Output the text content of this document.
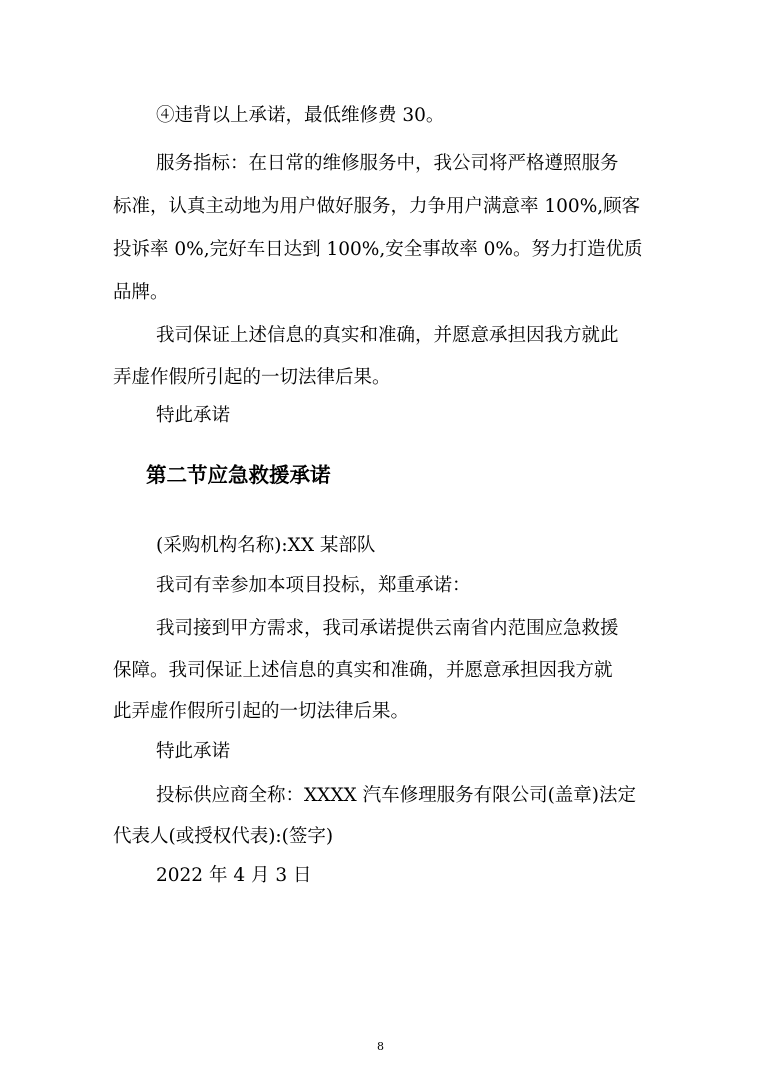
④违背以上承诺，最低维修费 30。
服务指标：在日常的维修服务中，我公司将严格遵照服务
标准，认真主动地为用户做好服务，力争用户满意率 100%,顾客
投诉率 0%,完好车日达到 100%,安全事故率 0%。努力打造优质
品牌。
我司保证上述信息的真实和准确，并愿意承担因我方就此
弄虚作假所引起的一切法律后果。
特此承诺
第二节应急救援承诺
(采购机构名称):XX 某部队
我司有幸参加本项目投标，郑重承诺：
我司接到甲方需求，我司承诺提供云南省内范围应急救援
保障。我司保证上述信息的真实和准确，并愿意承担因我方就
此弄虚作假所引起的一切法律后果。
特此承诺
投标供应商全称：XXXX 汽车修理服务有限公司(盖章)法定
代表人(或授权代表):(签字)
2022 年 4 月 3 日
8
